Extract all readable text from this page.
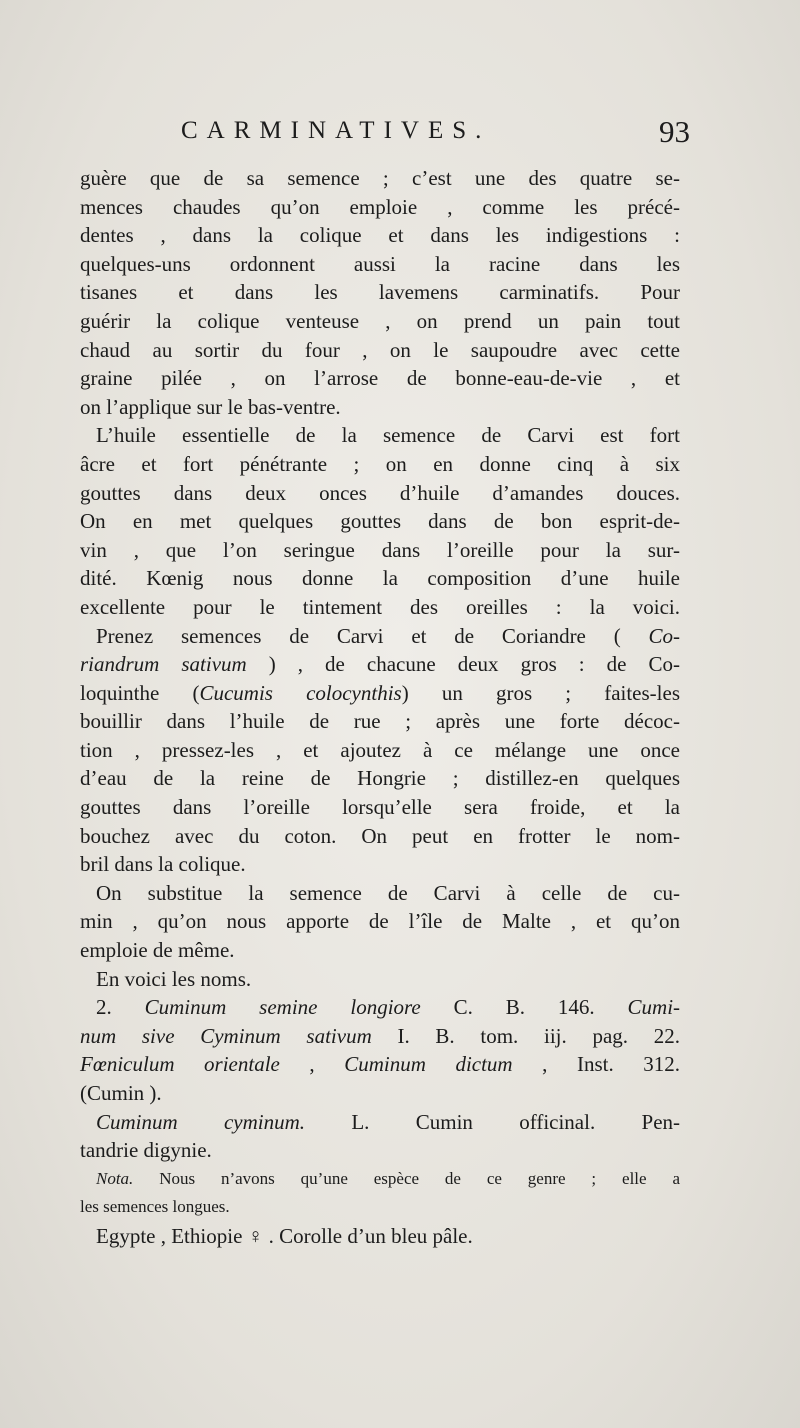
CARMINATIVES.	93
guère que de sa semence ; c’est une des quatre se-
mences chaudes qu’on emploie , comme les précé-
dentes , dans la colique et dans les indigestions :
quelques-uns ordonnent aussi la racine dans les
tisanes et dans les lavemens carminatifs. Pour
guérir la colique venteuse , on prend un pain tout
chaud au sortir du four , on le saupoudre avec cette
graine pilée , on l’arrose de bonne-eau-de-vie , et
on l’applique sur le bas-ventre.
L’huile essentielle de la semence de Carvi est fort
âcre et fort pénétrante ; on en donne cinq à six
gouttes dans deux onces d’huile d’amandes douces.
On en met quelques gouttes dans de bon esprit-de-
vin , que l’on seringue dans l’oreille pour la sur-
dité. Kœnig nous donne la composition d’une huile
excellente pour le tintement des oreilles : la voici.
Prenez semences de Carvi et de Coriandre ( Co-
riandrum sativum ) , de chacune deux gros : de Co-
loquinthe (Cucumis colocynthis) un gros ; faites-les
bouillir dans l’huile de rue ; après une forte décoc-
tion , pressez-les , et ajoutez à ce mélange une once
d’eau de la reine de Hongrie ; distillez-en quelques
gouttes dans l’oreille lorsqu’elle sera froide, et la
bouchez avec du coton. On peut en frotter le nom-
bril dans la colique.
On substitue la semence de Carvi à celle de cu-
min , qu’on nous apporte de l’île de Malte , et qu’on
emploie de même.
En voici les noms.
2. Cuminum semine longiore C. B. 146. Cumi-
num sive Cyminum sativum I. B. tom. iij. pag. 22.
Fœniculum orientale , Cuminum dictum , Inst. 312.
(Cumin ).
Cuminum cyminum. L. Cumin officinal. Pen-
tandrie digynie.
Nota. Nous n’avons qu’une espèce de ce genre ; elle a
les semences longues.
Egypte , Ethiopie ♀ . Corolle d’un bleu pâle.
